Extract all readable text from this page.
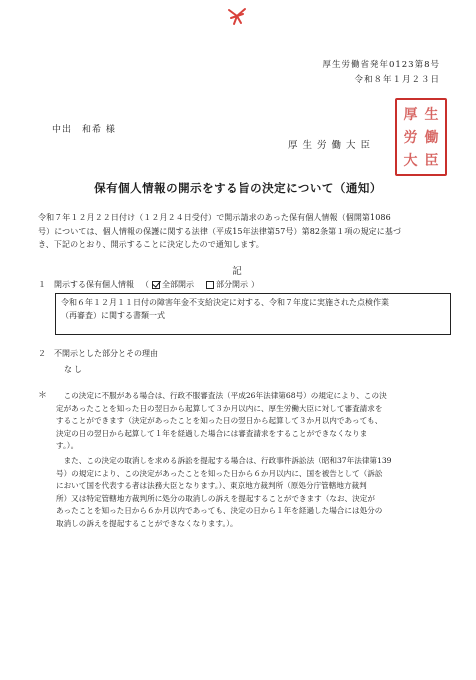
厚生労働省発年0123第8号
令和８年１月２３日
中出　和希 様
厚生労働大臣
厚 生
労 働
大 臣
保有個人情報の開示をする旨の決定について（通知）
令和７年１２月２２日付け（１２月２４日受付）で開示請求のあった保有個人情報（個開第1086
号）については、個人情報の保護に関する法律（平成15年法律第57号）第82条第１項の規定に基づ
き、下記のとおり、開示することに決定したので通知します。
記
１	開示する保有個人情報 （ 全部開示	部分開示 ）
令和６年１２月１１日付の障害年金不支給決定に対する、令和７年度に実施された点検作業
（再審査）に関する書類一式
２ 不開示とした部分とその理由
なし
＊
　	この決定に不服がある場合は、行政不服審査法（平成26年法律第68号）の規定により、この決
定があったことを知った日の翌日から起算して３か月以内に、厚生労働大臣に対して審査請求を
することができます（決定があったことを知った日の翌日から起算して３か月以内であっても、
決定の日の翌日から起算して１年を経過した場合には審査請求をすることができなくなりま
す。）。
　また、この決定の取消しを求める訴訟を提起する場合は、行政事件訴訟法（昭和37年法律第139
号）の規定により、この決定があったことを知った日から６か月以内に、国を被告として（訴訟
において国を代表する者は法務大臣となります。）、東京地方裁判所（原処分庁管轄地方裁判
所）又は特定管轄地方裁判所に処分の取消しの訴えを提起することができます（なお、決定が
あったことを知った日から６か月以内であっても、決定の日から１年を経過した場合には処分の
取消しの訴えを提起することができなくなります。）。
